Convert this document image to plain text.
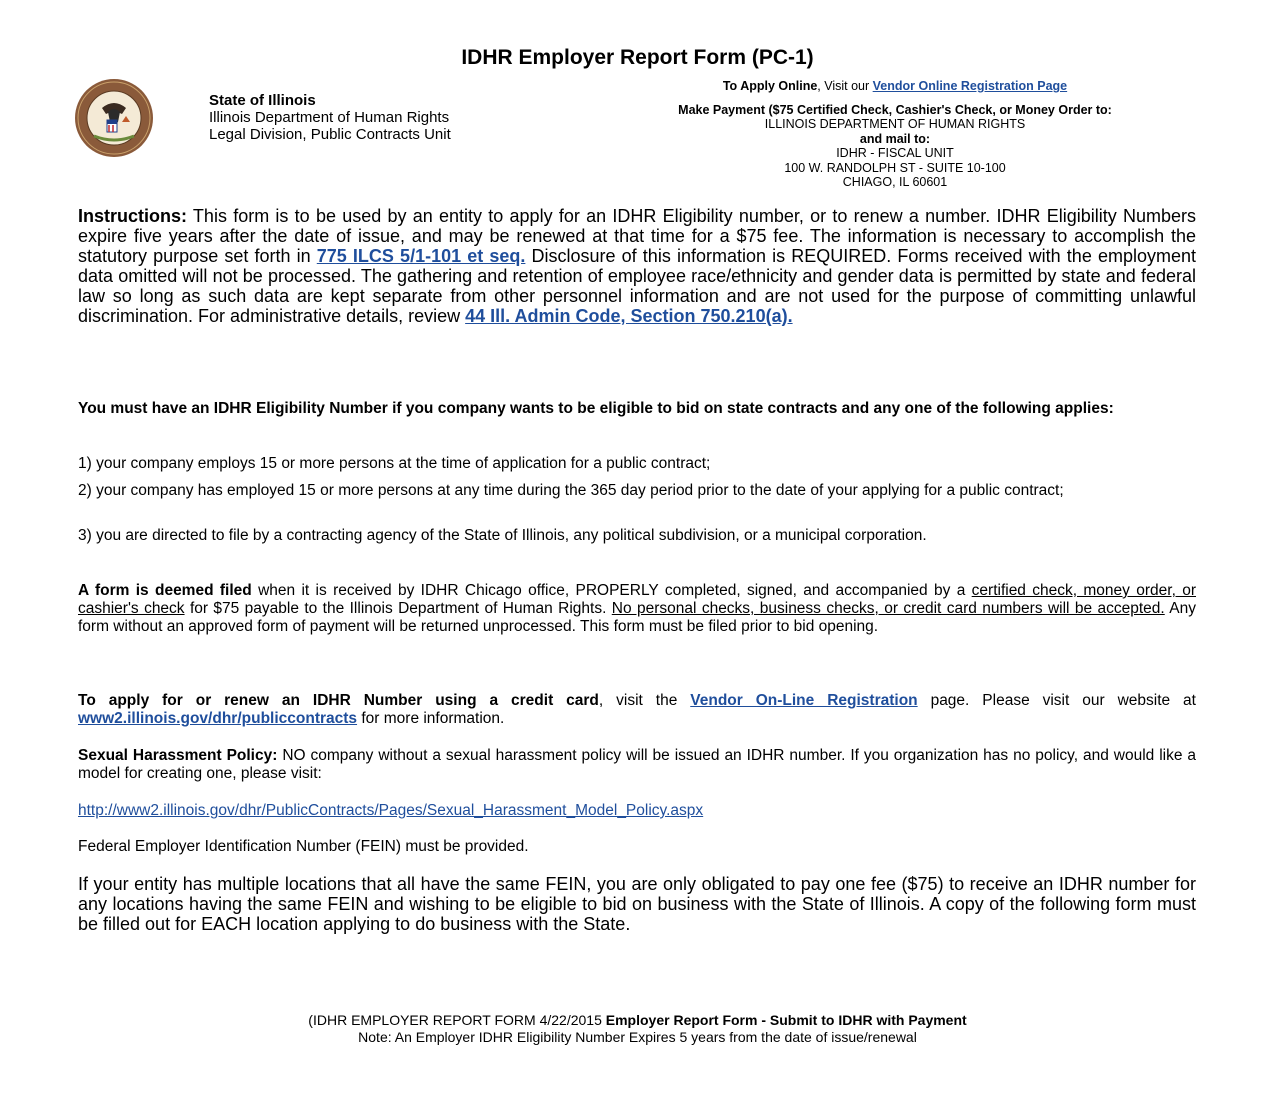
IDHR Employer Report Form (PC-1)
State of Illinois
Illinois Department of Human Rights
Legal Division, Public Contracts Unit
To Apply Online, Visit our Vendor Online Registration Page
Make Payment ($75 Certified Check, Cashier's Check, or Money Order to:
ILLINOIS DEPARTMENT OF HUMAN RIGHTS
and mail to:
IDHR - FISCAL UNIT
100 W. RANDOLPH ST - SUITE 10-100
CHIAGO, IL 60601
Instructions: This form is to be used by an entity to apply for an IDHR Eligibility number, or to renew a number. IDHR Eligibility Numbers expire five years after the date of issue, and may be renewed at that time for a $75 fee. The information is necessary to accomplish the statutory purpose set forth in 775 ILCS 5/1-101 et seq. Disclosure of this information is REQUIRED. Forms received with the employment data omitted will not be processed. The gathering and retention of employee race/ethnicity and gender data is permitted by state and federal law so long as such data are kept separate from other personnel information and are not used for the purpose of committing unlawful discrimination. For administrative details, review 44 Ill. Admin Code, Section 750.210(a).
You must have an IDHR Eligibility Number if you company wants to be eligible to bid on state contracts and any one of the following applies:
1) your company employs 15 or more persons at the time of application for a public contract;
2) your company has employed 15 or more persons at any time during the 365 day period prior to the date of your applying for a public contract;
3) you are directed to file by a contracting agency of the State of Illinois, any political subdivision, or a municipal corporation.
A form is deemed filed when it is received by IDHR Chicago office, PROPERLY completed, signed, and accompanied by a certified check, money order, or cashier's check for $75 payable to the Illinois Department of Human Rights. No personal checks, business checks, or credit card numbers will be accepted. Any form without an approved form of payment will be returned unprocessed. This form must be filed prior to bid opening.
To apply for or renew an IDHR Number using a credit card, visit the Vendor On-Line Registration page. Please visit our website at www2.illinois.gov/dhr/publiccontracts for more information.
Sexual Harassment Policy: NO company without a sexual harassment policy will be issued an IDHR number. If you organization has no policy, and would like a model for creating one, please visit:
http://www2.illinois.gov/dhr/PublicContracts/Pages/Sexual_Harassment_Model_Policy.aspx
Federal Employer Identification Number (FEIN) must be provided.
If your entity has multiple locations that all have the same FEIN, you are only obligated to pay one fee ($75) to receive an IDHR number for any locations having the same FEIN and wishing to be eligible to bid on business with the State of Illinois. A copy of the following form must be filled out for EACH location applying to do business with the State.
(IDHR EMPLOYER REPORT FORM 4/22/2015 Employer Report Form - Submit to IDHR with Payment
Note: An Employer IDHR Eligibility Number Expires 5 years from the date of issue/renewal
